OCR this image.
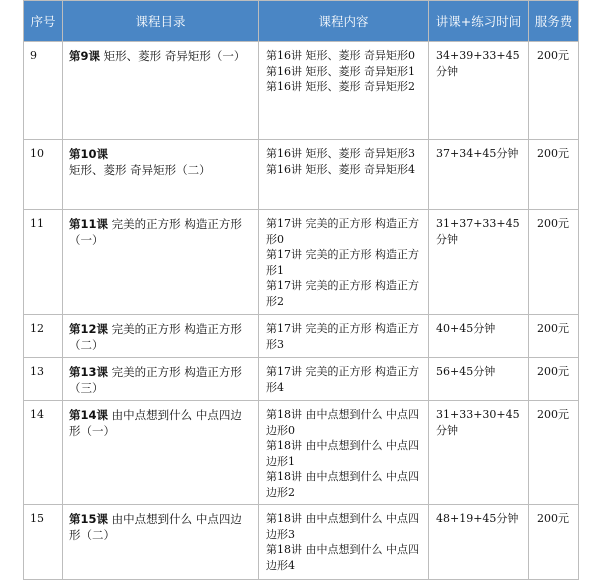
序号	课程目录	课程内容	讲课+练习时间	服务费
9	第9课 矩形、菱形 奇异矩形（一）	第16讲 矩形、菱形 奇异矩形0
第16讲 矩形、菱形 奇异矩形1
第16讲 矩形、菱形 奇异矩形2	34+39+33+45分钟	200元
10	第10课 矩形、菱形 奇异矩形（二）	第16讲 矩形、菱形 奇异矩形3
第16讲 矩形、菱形 奇异矩形4	37+34+45分钟	200元
11	第11课 完美的正方形 构造正方形（一）	第17讲 完美的正方形 构造正方形0
第17讲 完美的正方形 构造正方形1
第17讲 完美的正方形 构造正方形2	31+37+33+45分钟	200元
12	第12课 完美的正方形 构造正方形（二）	第17讲 完美的正方形 构造正方形3	40+45分钟	200元
13	第13课 完美的正方形 构造正方形（三）	第17讲 完美的正方形 构造正方形4	56+45分钟	200元
14	第14课 由中点想到什么 中点四边形（一）	第18讲 由中点想到什么 中点四边形0
第18讲 由中点想到什么 中点四边形1
第18讲 由中点想到什么 中点四边形2	31+33+30+45分钟	200元
15	第15课 由中点想到什么 中点四边形（二）	第18讲 由中点想到什么 中点四边形3
第18讲 由中点想到什么 中点四边形4	48+19+45分钟	200元
